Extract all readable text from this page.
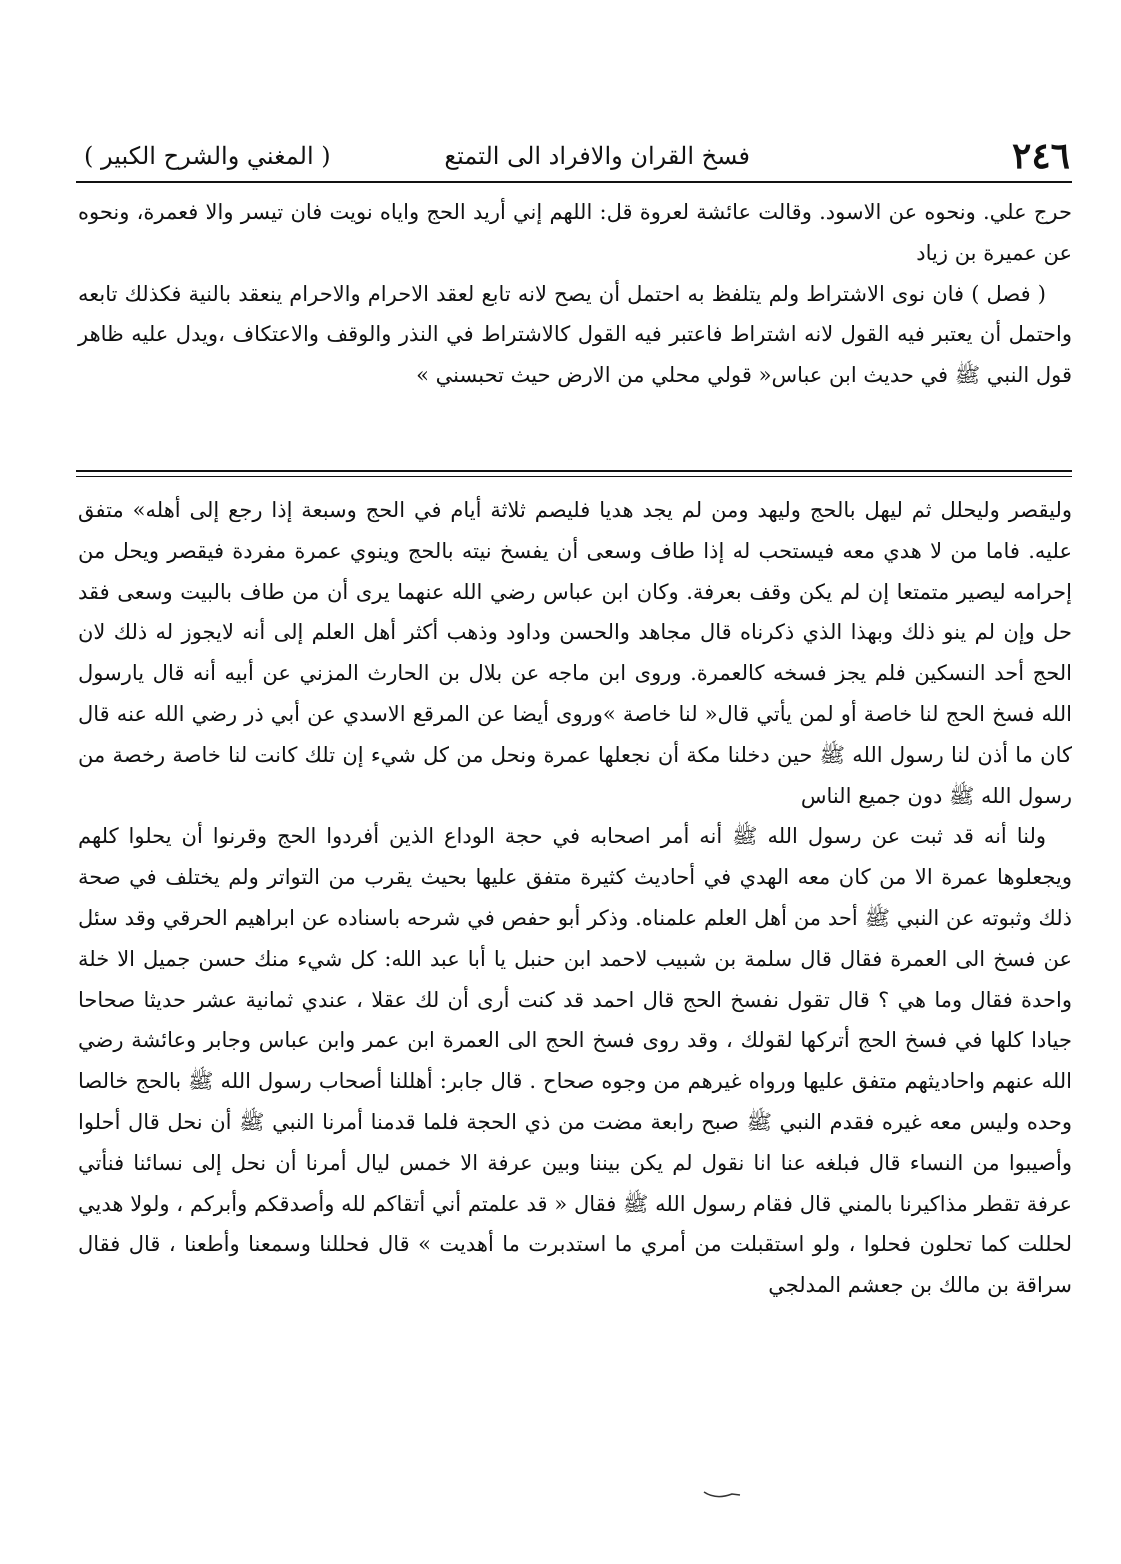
٢٤٦
فسخ القران والافراد الى التمتع
( المغني والشرح الكبير )

حرج علي. ونحوه عن الاسود. وقالت عائشة لعروة قل: اللهم إني أريد الحج واياه نويت فان تيسر والا فعمرة، ونحوه عن عميرة بن زياد

( فصل ) فان نوى الاشتراط ولم يتلفظ به احتمل أن يصح لانه تابع لعقد الاحرام والاحرام ينعقد بالنية فكذلك تابعه واحتمل أن يعتبر فيه القول لانه اشتراط فاعتبر فيه القول كالاشتراط في النذر والوقف والاعتكاف ،ويدل عليه ظاهر قول النبي ﷺ في حديث ابن عباس« قولي محلي من الارض حيث تحبسني »

وليقصر وليحلل ثم ليهل بالحج وليهد ومن لم يجد هديا فليصم ثلاثة أيام في الحج وسبعة إذا رجع إلى أهله» متفق عليه. فاما من لا هدي معه فيستحب له إذا طاف وسعى أن يفسخ نيته بالحج وينوي عمرة مفردة فيقصر ويحل من إحرامه ليصير متمتعا إن لم يكن وقف بعرفة. وكان ابن عباس رضي الله عنهما يرى أن من طاف بالبيت وسعى فقد حل وإن لم ينو ذلك وبهذا الذي ذكرناه قال مجاهد والحسن وداود وذهب أكثر أهل العلم إلى أنه لايجوز له ذلك لان الحج أحد النسكين فلم يجز فسخه كالعمرة. وروى ابن ماجه عن بلال بن الحارث المزني عن أبيه أنه قال يارسول الله فسخ الحج لنا خاصة أو لمن يأتي قال« لنا خاصة »وروى أيضا عن المرقع الاسدي عن أبي ذر رضي الله عنه قال كان ما أذن لنا رسول الله ﷺ حين دخلنا مكة أن نجعلها عمرة ونحل من كل شيء إن تلك كانت لنا خاصة رخصة من رسول الله ﷺ دون جميع الناس

ولنا أنه قد ثبت عن رسول الله ﷺ أنه أمر اصحابه في حجة الوداع الذين أفردوا الحج وقرنوا أن يحلوا كلهم ويجعلوها عمرة الا من كان معه الهدي في أحاديث كثيرة متفق عليها بحيث يقرب من التواتر ولم يختلف في صحة ذلك وثبوته عن النبي ﷺ أحد من أهل العلم علمناه. وذكر أبو حفص في شرحه باسناده عن ابراهيم الحرقي وقد سئل عن فسخ الى العمرة فقال قال سلمة بن شبيب لاحمد ابن حنبل يا أبا عبد الله: كل شيء منك حسن جميل الا خلة واحدة فقال وما هي ؟ قال تقول نفسخ الحج قال احمد قد كنت أرى أن لك عقلا ، عندي ثمانية عشر حديثا صحاحا جيادا كلها في فسخ الحج أتركها لقولك ، وقد روى فسخ الحج الى العمرة ابن عمر وابن عباس وجابر وعائشة رضي الله عنهم واحاديثهم متفق عليها ورواه غيرهم من وجوه صحاح . قال جابر: أهللنا أصحاب رسول الله ﷺ بالحج خالصا وحده وليس معه غيره فقدم النبي ﷺ صبح رابعة مضت من ذي الحجة فلما قدمنا أمرنا النبي ﷺ أن نحل قال أحلوا وأصيبوا من النساء قال فبلغه عنا انا نقول لم يكن بيننا وبين عرفة الا خمس ليال أمرنا أن نحل إلى نسائنا فنأتي عرفة تقطر مذاكيرنا بالمني قال فقام رسول الله ﷺ فقال « قد علمتم أني أتقاكم لله وأصدقكم وأبركم ، ولولا هديي لحللت كما تحلون فحلوا ، ولو استقبلت من أمري ما استدبرت ما أهديت » قال فحللنا وسمعنا وأطعنا ، قال فقال سراقة بن مالك بن جعشم المدلجي
